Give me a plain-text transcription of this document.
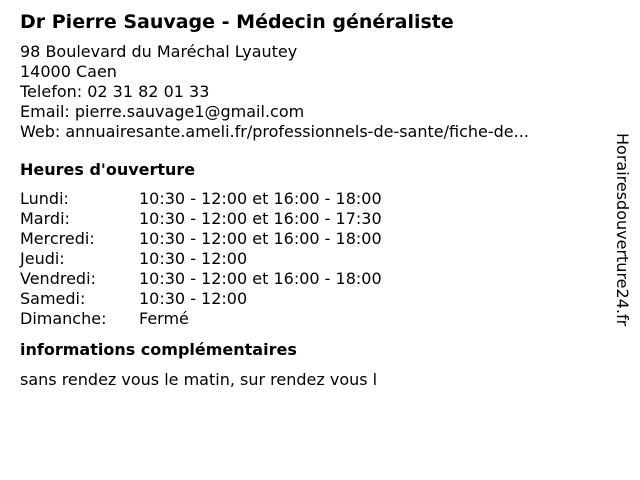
Dr Pierre Sauvage - Médecin généraliste
98 Boulevard du Maréchal Lyautey
14000 Caen
Telefon: 02 31 82 01 33
Email: pierre.sauvage1@gmail.com
Web: annuairesante.ameli.fr/professionnels-de-sante/fiche-de...
Heures d'ouverture
Lundi:	10:30 - 12:00 et 16:00 - 18:00
Mardi:	10:30 - 12:00 et 16:00 - 17:30
Mercredi:	10:30 - 12:00 et 16:00 - 18:00
Jeudi:	10:30 - 12:00
Vendredi:	10:30 - 12:00 et 16:00 - 18:00
Samedi:	10:30 - 12:00
Dimanche:	Fermé
informations complémentaires
sans rendez vous le matin, sur rendez vous l
Horairesdouverture24.fr
